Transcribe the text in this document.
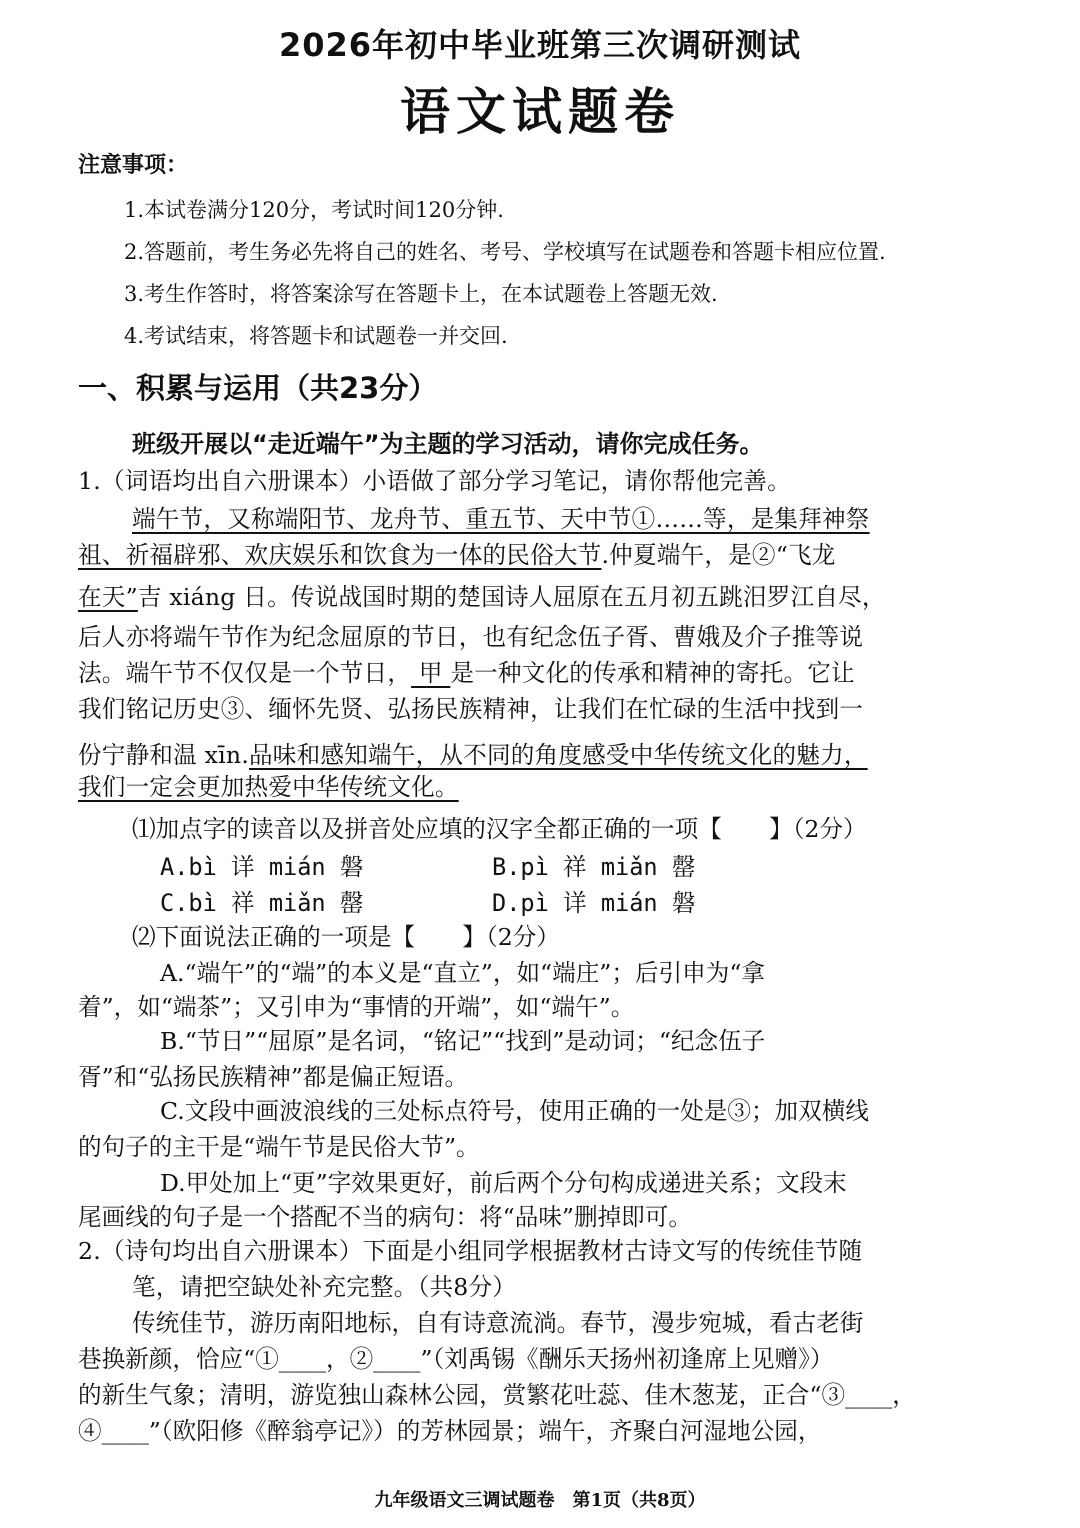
2026年初中毕业班第三次调研测试
语文试题卷
注意事项：
1.本试卷满分120分，考试时间120分钟.
2.答题前，考生务必先将自己的姓名、考号、学校填写在试题卷和答题卡相应位置.
3.考生作答时，将答案涂写在答题卡上，在本试题卷上答题无效.
4.考试结束，将答题卡和试题卷一并交回.
一、积累与运用（共23分）
班级开展以“走近端午”为主题的学习活动，请你完成任务。
1.（词语均出自六册课本）小语做了部分学习笔记，请你帮他完善。
端午节，又称端阳节、龙舟节、重五节、天中节①……等，是集拜神祭
祖、祈福辟邪、欢庆娱乐和饮食为一体的民俗大节.仲夏端午，是②“飞龙
在天”吉 xiáng 日。传说战国时期的楚国诗人屈原在五月初五跳汨罗江自尽，
后人亦将端午节作为纪念屈原的节日，也有纪念伍子胥、曹娥及介子推等说
法。端午节不仅仅是一个节日， 甲 是一种文化的传承和精神的寄托。它让
我们铭记历史③、缅怀先贤、弘扬民族精神，让我们在忙碌的生活中找到一
份宁静和温 xīn.品味和感知端午，从不同的角度感受中华传统文化的魅力，
我们一定会更加热爱中华传统文化。
⑴加点字的读音以及拼音处应填的汉字全都正确的一项【　　】（2分）
A.bì 详 mián 磐	B.pì 祥 miǎn 罄
C.bì 祥 miǎn 罄	D.pì 详 mián 磐
⑵下面说法正确的一项是【　　】（2分）
A.“端午”的“端”的本义是“直立”，如“端庄”；后引申为“拿
着”，如“端茶”；又引申为“事情的开端”，如“端午”。
B.“节日”“屈原”是名词，“铭记”“找到”是动词；“纪念伍子
胥”和“弘扬民族精神”都是偏正短语。
C.文段中画波浪线的三处标点符号，使用正确的一处是③；加双横线
的句子的主干是“端午节是民俗大节”。
D.甲处加上“更”字效果更好，前后两个分句构成递进关系；文段末
尾画线的句子是一个搭配不当的病句：将“品味”删掉即可。
2.（诗句均出自六册课本）下面是小组同学根据教材古诗文写的传统佳节随
笔，请把空缺处补充完整。（共8分）
传统佳节，游历南阳地标，自有诗意流淌。春节，漫步宛城，看古老街
巷换新颜，恰应“①____，②____”（刘禹锡《酬乐天扬州初逢席上见赠》）
的新生气象；清明，游览独山森林公园，赏繁花吐蕊、佳木葱茏，正合“③____，
④____”（欧阳修《醉翁亭记》）的芳林园景；端午，齐聚白河湿地公园，
九年级语文三调试题卷　第1页（共8页）
